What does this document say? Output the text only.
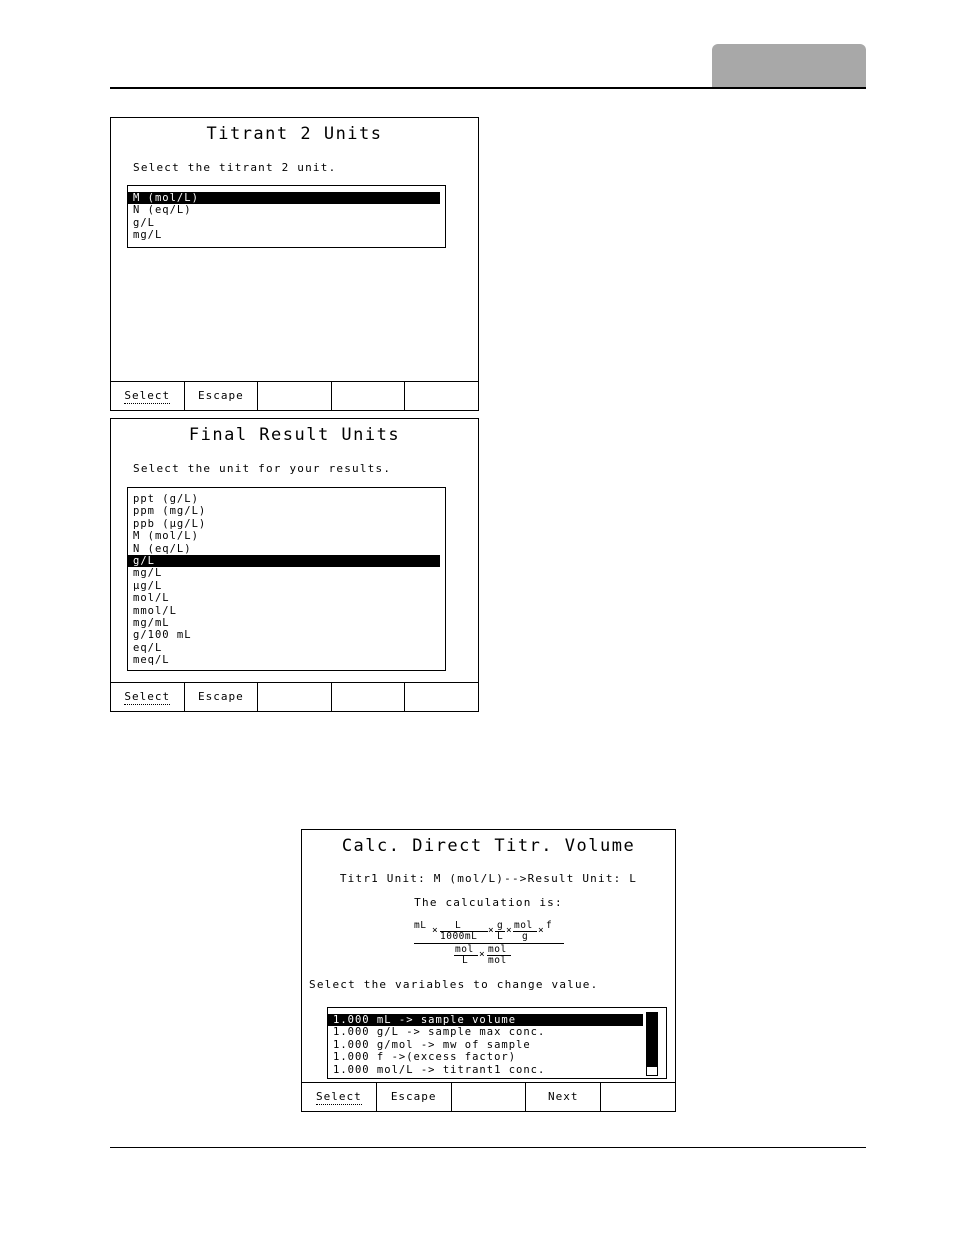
Titrant 2 Units
Select the titrant 2 unit.
M (mol/L)
N (eq/L)
g/L
mg/L
Select	Escape
Final Result Units
Select the unit for your results.
ppt (g/L)
ppm (mg/L)
ppb (µg/L)
M (mol/L)
N (eq/L)
g/L
mg/L
µg/L
mol/L
mmol/L
mg/mL
g/100 mL
eq/L
meq/L
Select	Escape
Calc. Direct Titr. Volume
Titr1 Unit: M (mol/L)-->Result Unit: L
The calculation is:
mL × L
1000mL
× g
L
× mol
g
× f
mol
L
× mol
mol
Select the variables to change value.
1.000 mL -> sample volume
1.000 g/L -> sample max conc.
1.000 g/mol -> mw of sample
1.000 f ->(excess factor)
1.000 mol/L -> titrant1 conc.
Select	Escape	Next
